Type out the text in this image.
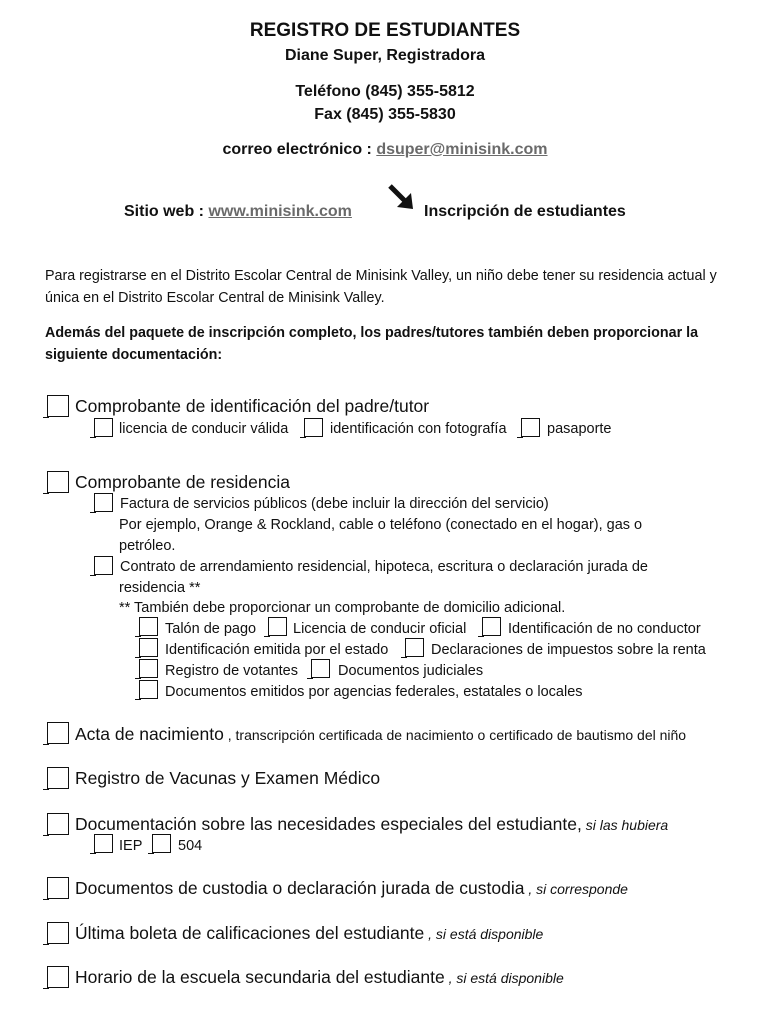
REGISTRO DE ESTUDIANTES
Diane Super, Registradora
Teléfono (845) 355-5812
Fax (845) 355-5830
correo electrónico : dsuper@minisink.com
Sitio web : www.minisink.com	Inscripción de estudiantes
Para registrarse en el Distrito Escolar Central de Minisink Valley, un niño debe tener su residencia actual y única en el Distrito Escolar Central de Minisink Valley.
Además del paquete de inscripción completo, los padres/tutores también deben proporcionar la siguiente documentación:
Comprobante de identificación del padre/tutor
licencia de conducir válida	identificación con fotografía	pasaporte
Comprobante de residencia
Factura de servicios públicos (debe incluir la dirección del servicio)
Por ejemplo, Orange & Rockland, cable o teléfono (conectado en el hogar), gas o
petróleo.
Contrato de arrendamiento residencial, hipoteca, escritura o declaración jurada de
residencia **
** También debe proporcionar un comprobante de domicilio adicional.
Talón de pago	Licencia de conducir oficial	Identificación de no conductor
Identificación emitida por el estado	Declaraciones de impuestos sobre la renta
Registro de votantes	Documentos judiciales
Documentos emitidos por agencias federales, estatales o locales
Acta de nacimiento , transcripción certificada de nacimiento o certificado de bautismo del niño
Registro de Vacunas y Examen Médico
Documentación sobre las necesidades especiales del estudiante, si las hubiera
IEP 504
Documentos de custodia o declaración jurada de custodia , si corresponde
Última boleta de calificaciones del estudiante , si está disponible
Horario de la escuela secundaria del estudiante , si está disponible
